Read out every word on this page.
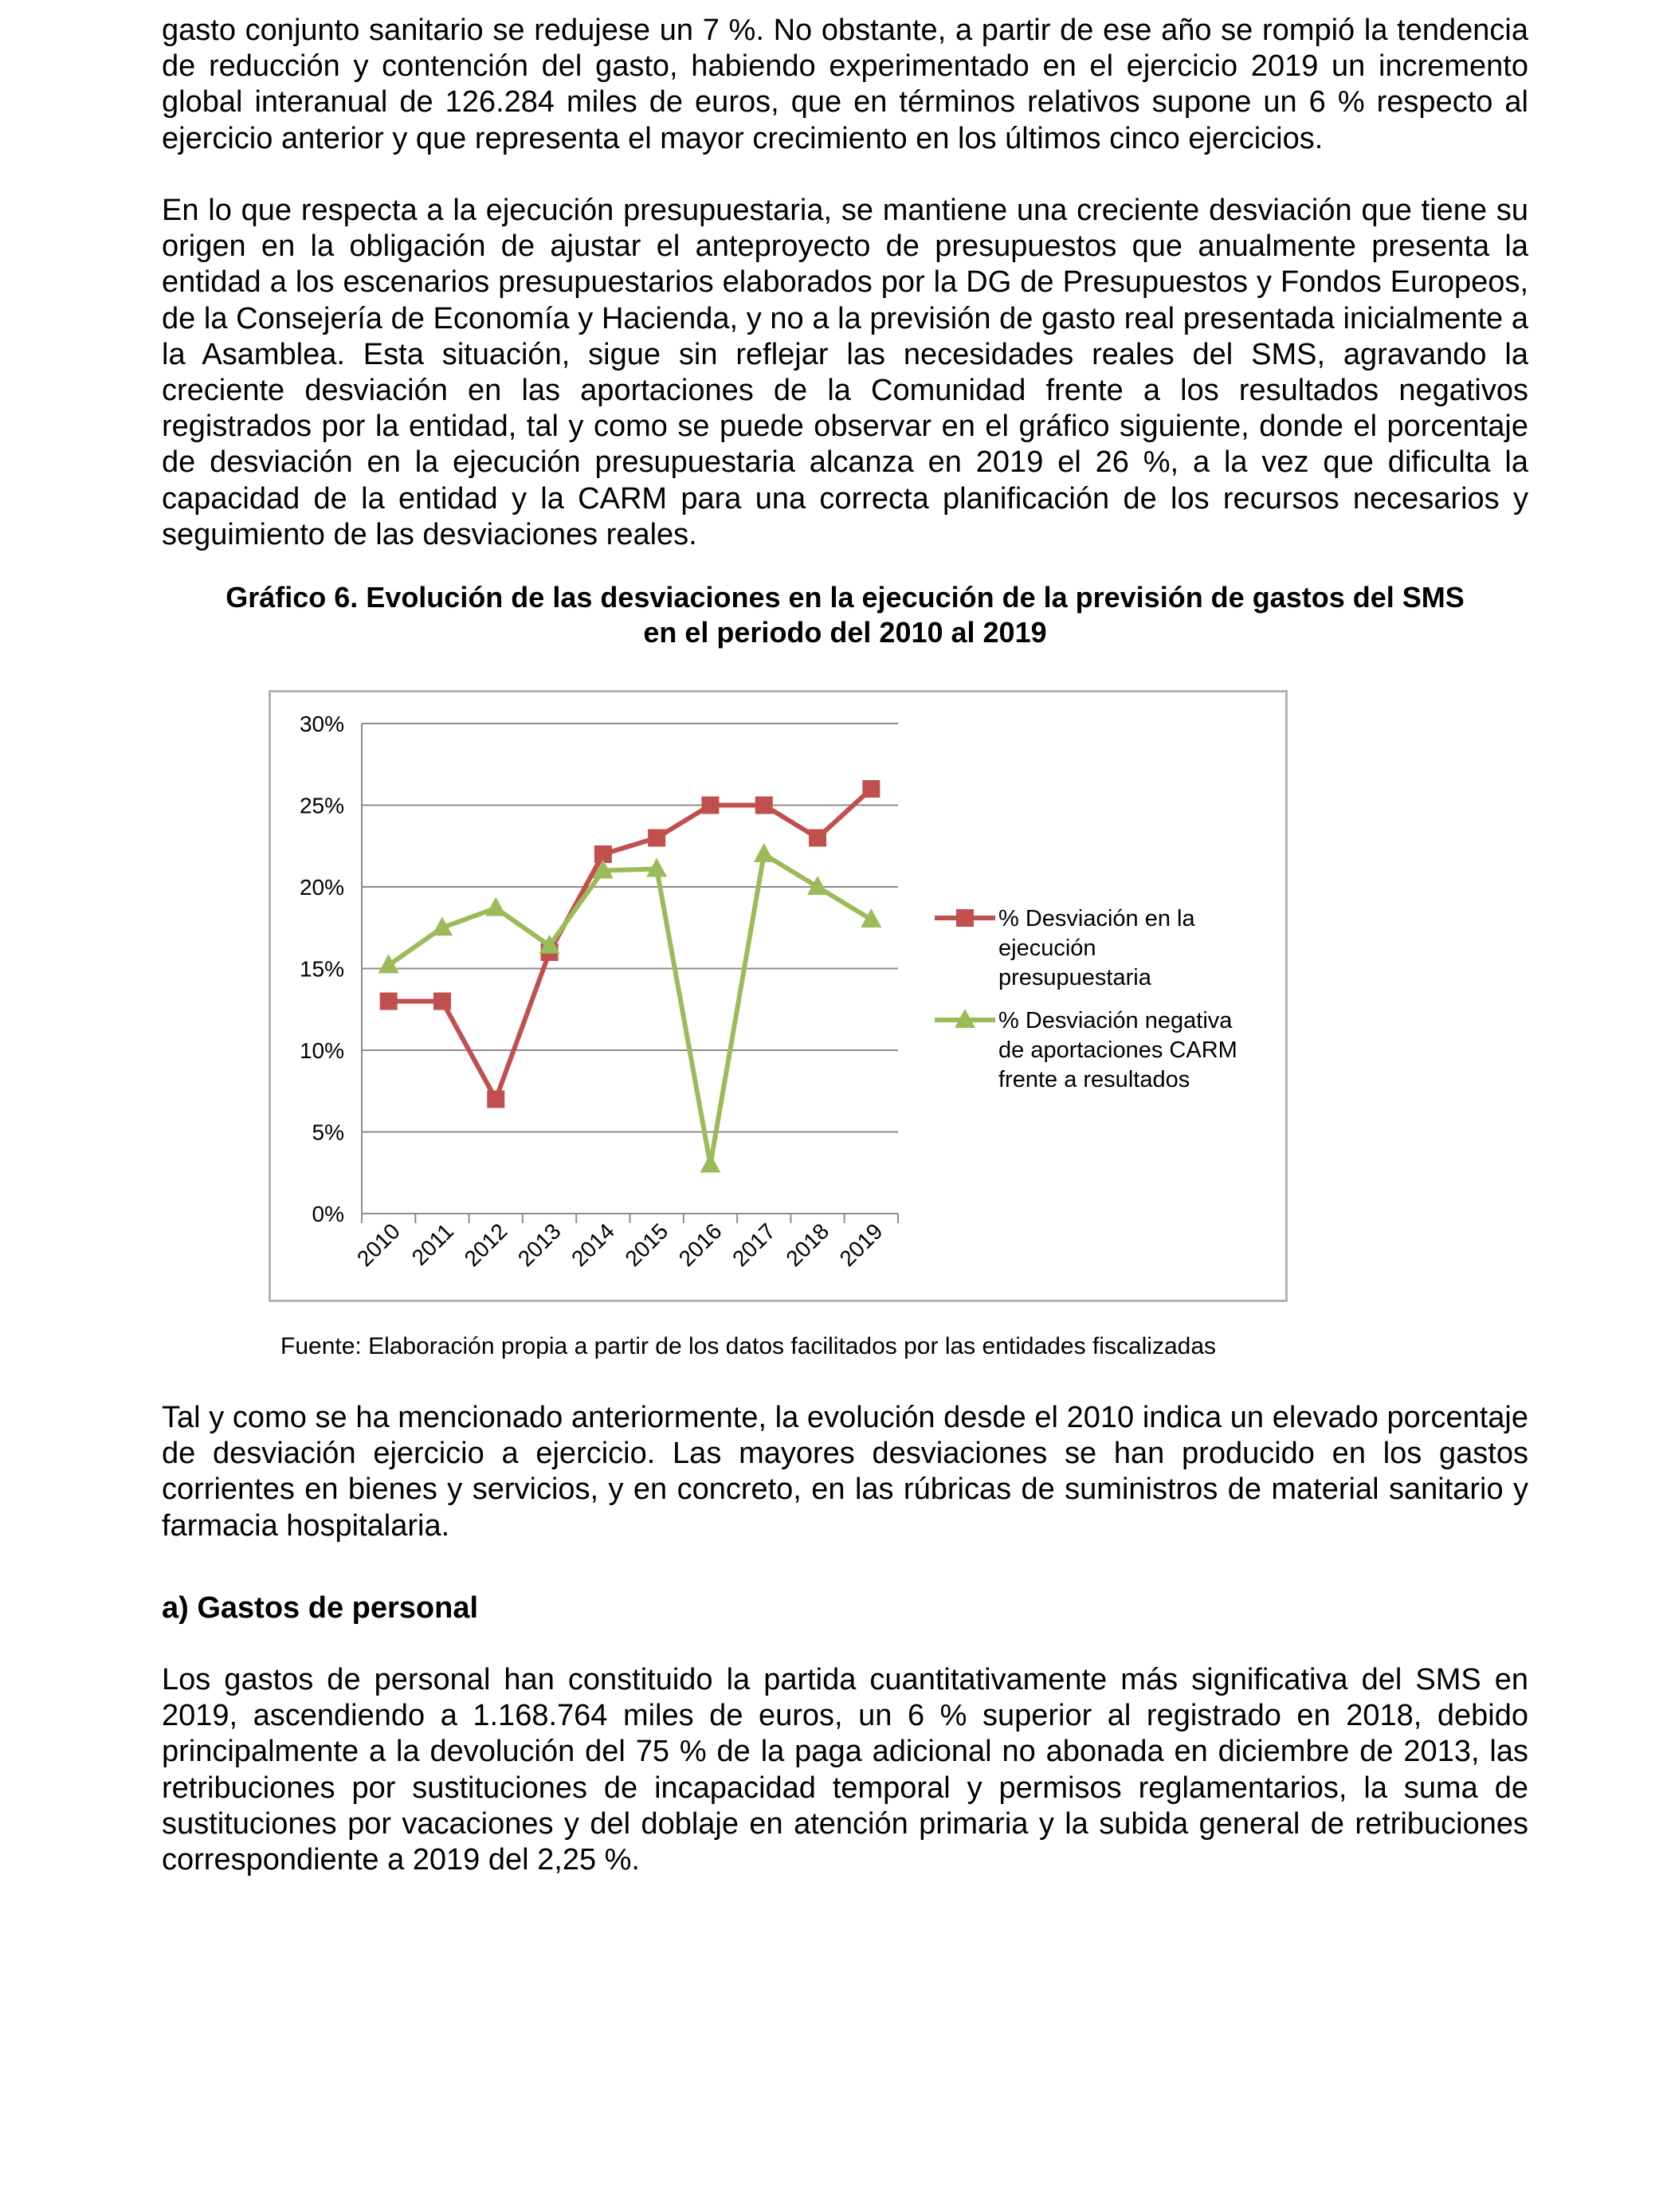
gasto conjunto sanitario se redujese un 7 %. No obstante, a partir de ese año se rompió la tendencia de reducción y contención del gasto, habiendo experimentado en el ejercicio 2019 un incremento global interanual de 126.284 miles de euros, que en términos relativos supone un 6 % respecto al ejercicio anterior y que representa el mayor crecimiento en los últimos cinco ejercicios.

En lo que respecta a la ejecución presupuestaria, se mantiene una creciente desviación que tiene su origen en la obligación de ajustar el anteproyecto de presupuestos que anualmente presenta la entidad a los escenarios presupuestarios elaborados por la DG de Presupuestos y Fondos Europeos, de la Consejería de Economía y Hacienda, y no a la previsión de gasto real presentada inicialmente a la Asamblea. Esta situación, sigue sin reflejar las necesidades reales del SMS, agravando la creciente desviación en las aportaciones de la Comunidad frente a los resultados negativos registrados por la entidad, tal y como se puede observar en el gráfico siguiente, donde el porcentaje de desviación en la ejecución presupuestaria alcanza en 2019 el 26 %, a la vez que dificulta la capacidad de la entidad y la CARM para una correcta planificación de los recursos necesarios y seguimiento de las desviaciones reales.

Gráfico 6. Evolución de las desviaciones en la ejecución de la previsión de gastos del SMS
en el periodo del 2010 al 2019
0%
5%
10%
15%
20%
25%
30%
2010 2011 2012 2013 2014 2015 2016 2017 2018 2019
% Desviación en la ejecución presupuestaria
% Desviación negativa de aportaciones CARM frente a resultados

Fuente: Elaboración propia a partir de los datos facilitados por las entidades fiscalizadas

Tal y como se ha mencionado anteriormente, la evolución desde el 2010 indica un elevado porcentaje de desviación ejercicio a ejercicio. Las mayores desviaciones se han producido en los gastos corrientes en bienes y servicios, y en concreto, en las rúbricas de suministros de material sanitario y farmacia hospitalaria.

a) Gastos de personal

Los gastos de personal han constituido la partida cuantitativamente más significativa del SMS en 2019, ascendiendo a 1.168.764 miles de euros, un 6 % superior al registrado en 2018, debido principalmente a la devolución del 75 % de la paga adicional no abonada en diciembre de 2013, las retribuciones por sustituciones de incapacidad temporal y permisos reglamentarios, la suma de sustituciones por vacaciones y del doblaje en atención primaria y la subida general de retribuciones correspondiente a 2019 del 2,25 %.
